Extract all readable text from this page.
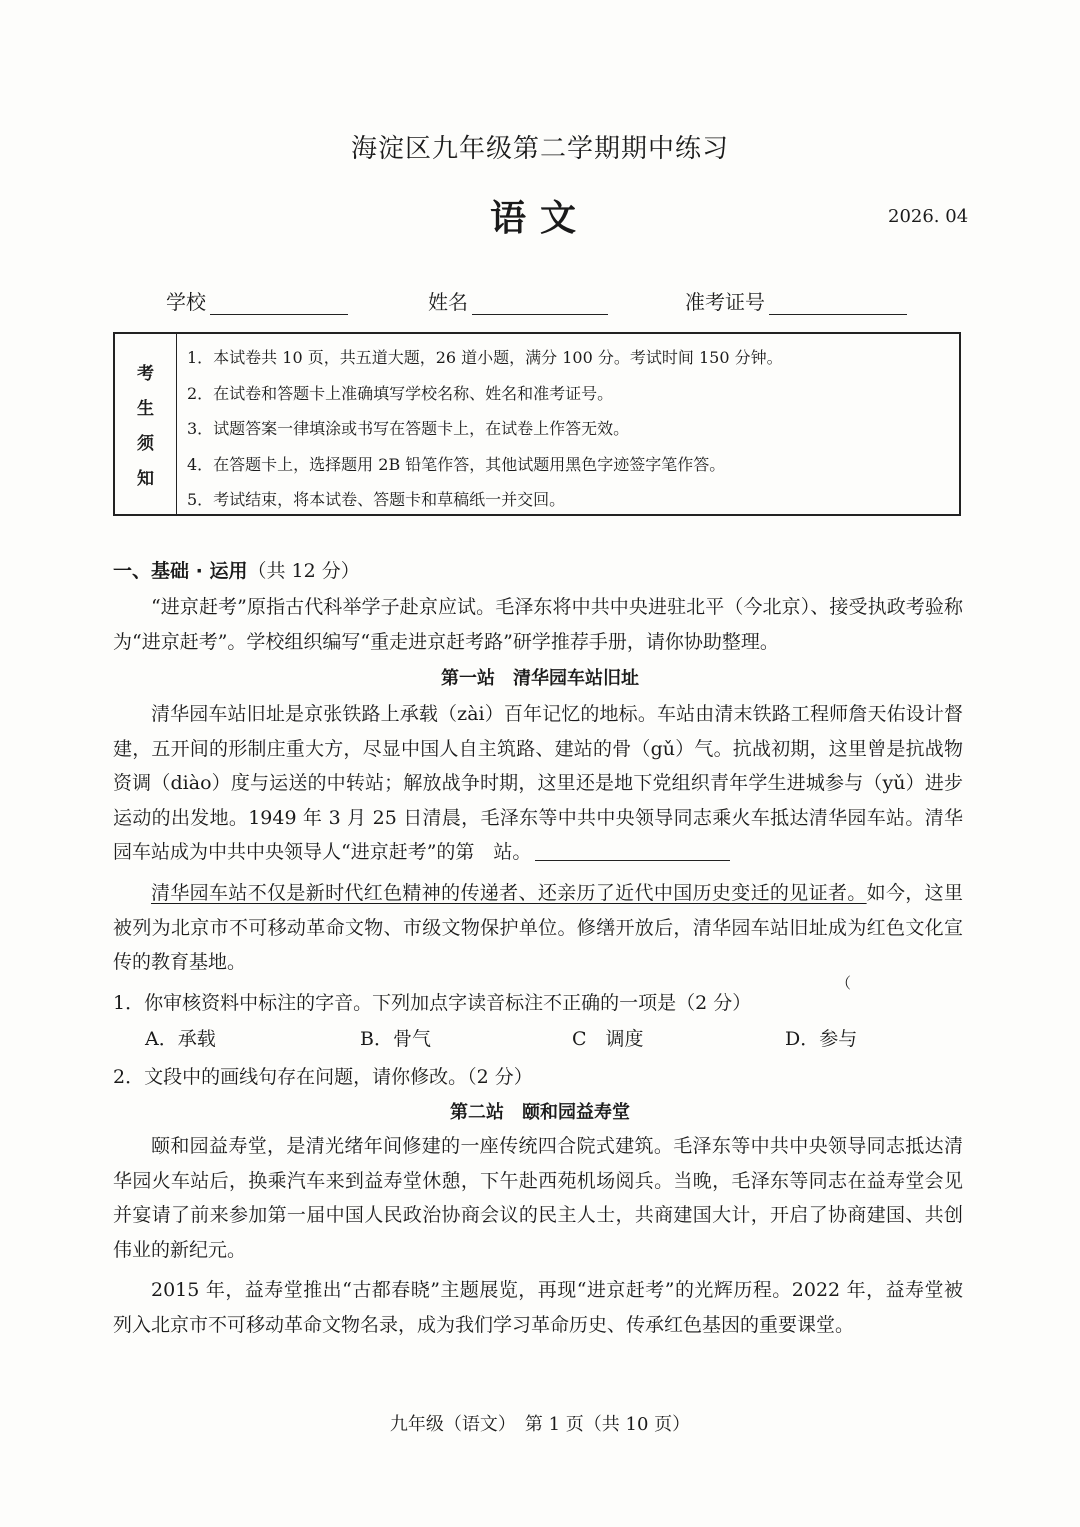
海淀区九年级第二学期期中练习
语文	2026. 04
学校	姓名	准考证号
考
生
须
知
1．本试卷共 10 页，共五道大题，26 道小题，满分 100 分。考试时间 150 分钟。
2．在试卷和答题卡上准确填写学校名称、姓名和准考证号。
3．试题答案一律填涂或书写在答题卡上，在试卷上作答无效。
4．在答题卡上，选择题用 2B 铅笔作答，其他试题用黑色字迹签字笔作答。
5．考试结束，将本试卷、答题卡和草稿纸一并交回。
一、基础 · 运用（共 12 分）
“进京赶考”原指古代科举学子赴京应试。毛泽东将中共中央进驻北平（今北京）、接受执政考验称为“进京赶考”。学校组织编写“重走进京赶考路”研学推荐手册，请你协助整理。
第一站　清华园车站旧址
清华园车站旧址是京张铁路上承载（zài）百年记忆的地标。车站由清末铁路工程师詹天佑设计督建，五开间的形制庄重大方，尽显中国人自主筑路、建站的骨（gǔ）气。抗战初期，这里曾是抗战物资调（diào）度与运送的中转站；解放战争时期，这里还是地下党组织青年学生进城参与（yǔ）进步运动的出发地。1949 年 3 月 25 日清晨，毛泽东等中共中央领导同志乘火车抵达清华园车站。清华园车站成为中共中央领导人“进京赶考”的第　站。
清华园车站不仅是新时代红色精神的传递者、还亲历了近代中国历史变迁的见证者。如今，这里被列为北京市不可移动革命文物、市级文物保护单位。修缮开放后，清华园车站旧址成为红色文化宣传的教育基地。
1．你审核资料中标注的字音。下列加点字读音标注不正确的一项是（2 分）
（
A．承载	B．骨气	C　调度	D．参与
2．文段中的画线句存在问题，请你修改。（2 分）
第二站　颐和园益寿堂
颐和园益寿堂，是清光绪年间修建的一座传统四合院式建筑。毛泽东等中共中央领导同志抵达清华园火车站后，换乘汽车来到益寿堂休憩，下午赴西苑机场阅兵。当晚，毛泽东等同志在益寿堂会见并宴请了前来参加第一届中国人民政治协商会议的民主人士，共商建国大计，开启了协商建国、共创伟业的新纪元。
2015 年，益寿堂推出“古都春晓”主题展览，再现“进京赶考”的光辉历程。2022 年，益寿堂被列入北京市不可移动革命文物名录，成为我们学习革命历史、传承红色基因的重要课堂。
九年级（语文）　第 1 页（共 10 页）
